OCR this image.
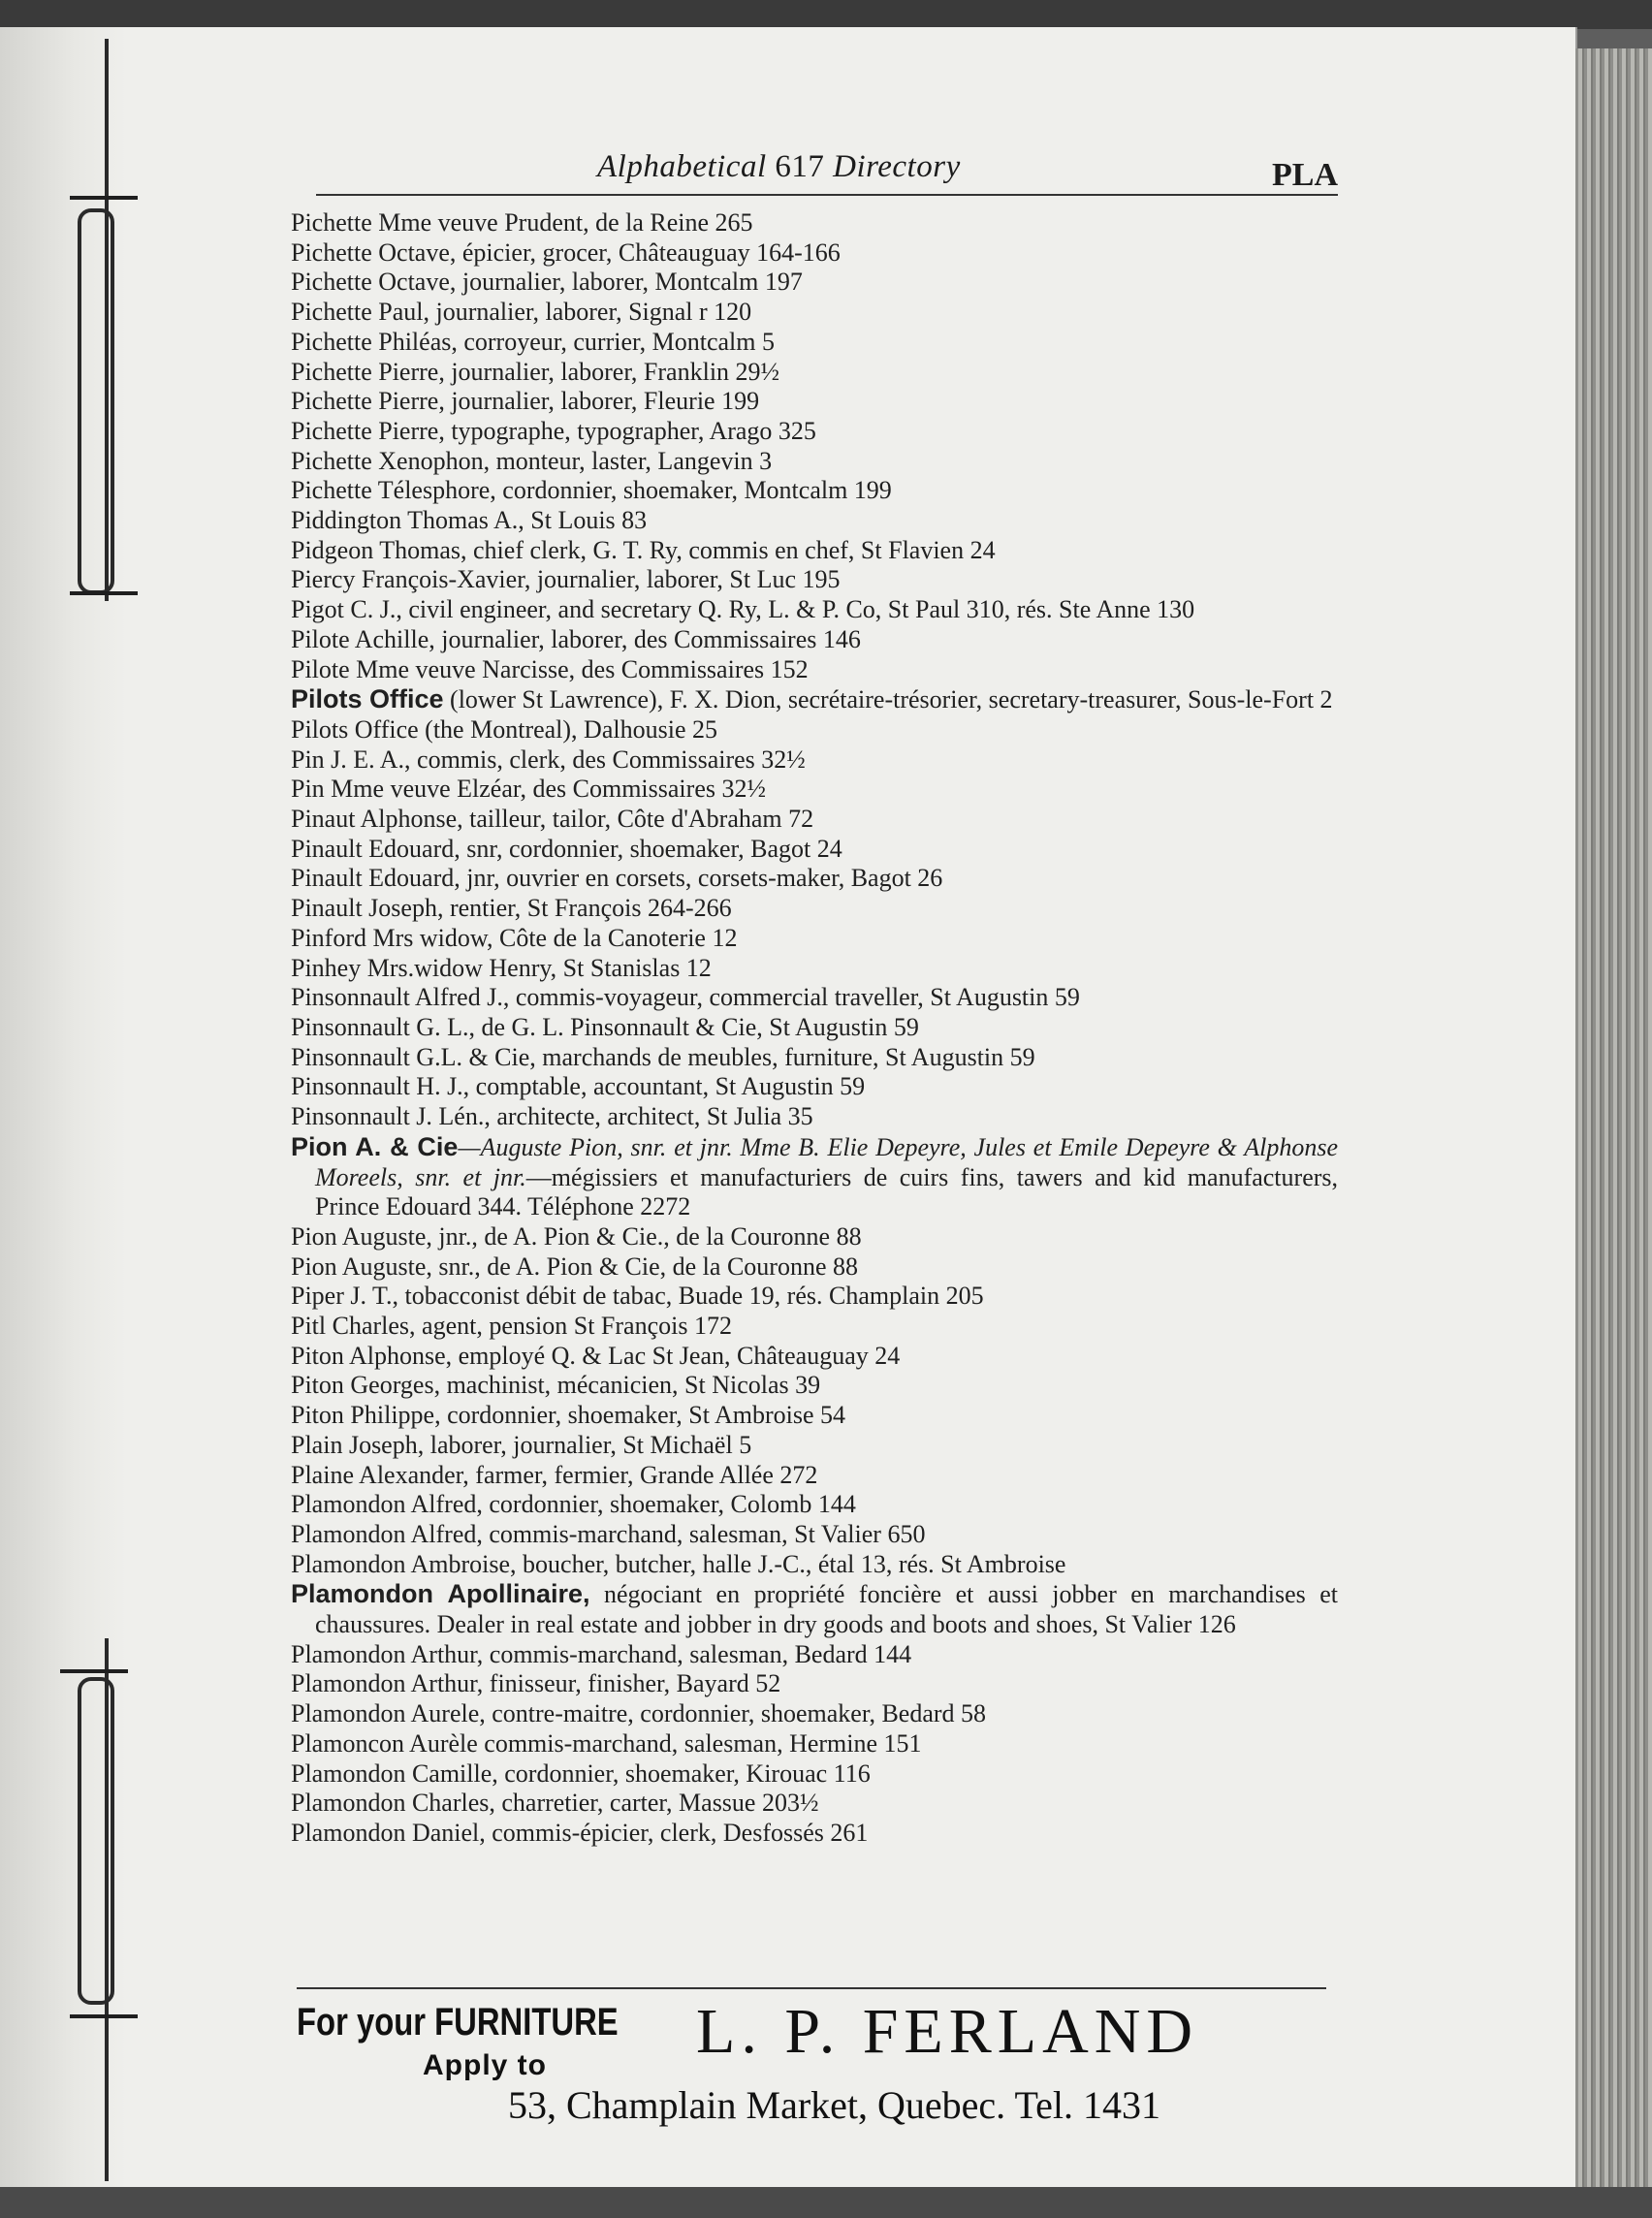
Alphabetical 617 Directory	PLA

Pichette Mme veuve Prudent, de la Reine 265

Pichette Octave, épicier, grocer, Châteauguay 164-166

Pichette Octave, journalier, laborer, Montcalm 197

Pichette Paul, journalier, laborer, Signal r 120

Pichette Philéas, corroyeur, currier, Montcalm 5

Pichette Pierre, journalier, laborer, Franklin 29½

Pichette Pierre, journalier, laborer, Fleurie 199

Pichette Pierre, typographe, typographer, Arago 325

Pichette Xenophon, monteur, laster, Langevin 3

Pichette Télesphore, cordonnier, shoemaker, Montcalm 199

Piddington Thomas A., St Louis 83

Pidgeon Thomas, chief clerk, G. T. Ry, commis en chef, St Flavien 24

Piercy François-Xavier, journalier, laborer, St Luc 195

Pigot C. J., civil engineer, and secretary Q. Ry, L. & P. Co, St Paul 310, rés. Ste Anne 130

Pilote Achille, journalier, laborer, des Commissaires 146

Pilote Mme veuve Narcisse, des Commissaires 152

Pilots Office (lower St Lawrence), F. X. Dion, secrétaire-trésorier, secretary-treasurer, Sous-le-Fort 2

Pilots Office (the Montreal), Dalhousie 25

Pin J. E. A., commis, clerk, des Commissaires 32½

Pin Mme veuve Elzéar, des Commissaires 32½

Pinaut Alphonse, tailleur, tailor, Côte d'Abraham 72

Pinault Edouard, snr, cordonnier, shoemaker, Bagot 24

Pinault Edouard, jnr, ouvrier en corsets, corsets-maker, Bagot 26

Pinault Joseph, rentier, St François 264-266

Pinford Mrs widow, Côte de la Canoterie 12

Pinhey Mrs.widow Henry, St Stanislas 12

Pinsonnault Alfred J., commis-voyageur, commercial traveller, St Augustin 59

Pinsonnault G. L., de G. L. Pinsonnault & Cie, St Augustin 59

Pinsonnault G.L. & Cie, marchands de meubles, furniture, St Augustin 59

Pinsonnault H. J., comptable, accountant, St Augustin 59

Pinsonnault J. Lén., architecte, architect, St Julia 35

Pion A. & Cie—Auguste Pion, snr. et jnr. Mme B. Elie Depeyre, Jules et Emile Depeyre & Alphonse Moreels, snr. et jnr.—mégissiers et manufacturiers de cuirs fins, tawers and kid manufacturers, Prince Edouard 344. Téléphone 2272

Pion Auguste, jnr., de A. Pion & Cie., de la Couronne 88

Pion Auguste, snr., de A. Pion & Cie, de la Couronne 88

Piper J. T., tobacconist débit de tabac, Buade 19, rés. Champlain 205

Pitl Charles, agent, pension St François 172

Piton Alphonse, employé Q. & Lac St Jean, Châteauguay 24

Piton Georges, machinist, mécanicien, St Nicolas 39

Piton Philippe, cordonnier, shoemaker, St Ambroise 54

Plain Joseph, laborer, journalier, St Michaël 5

Plaine Alexander, farmer, fermier, Grande Allée 272

Plamondon Alfred, cordonnier, shoemaker, Colomb 144

Plamondon Alfred, commis-marchand, salesman, St Valier 650

Plamondon Ambroise, boucher, butcher, halle J.-C., étal 13, rés. St Ambroise

Plamondon Apollinaire, négociant en propriété foncière et aussi jobber en marchandises et chaussures. Dealer in real estate and jobber in dry goods and boots and shoes, St Valier 126

Plamondon Arthur, commis-marchand, salesman, Bedard 144

Plamondon Arthur, finisseur, finisher, Bayard 52

Plamondon Aurele, contre-maitre, cordonnier, shoemaker, Bedard 58

Plamoncon Aurèle commis-marchand, salesman, Hermine 151

Plamondon Camille, cordonnier, shoemaker, Kirouac 116

Plamondon Charles, charretier, carter, Massue 203½

Plamondon Daniel, commis-épicier, clerk, Desfossés 261

For your FURNITURE
Apply to L. P. FERLAND
53, Champlain Market, Quebec. Tel. 1431
